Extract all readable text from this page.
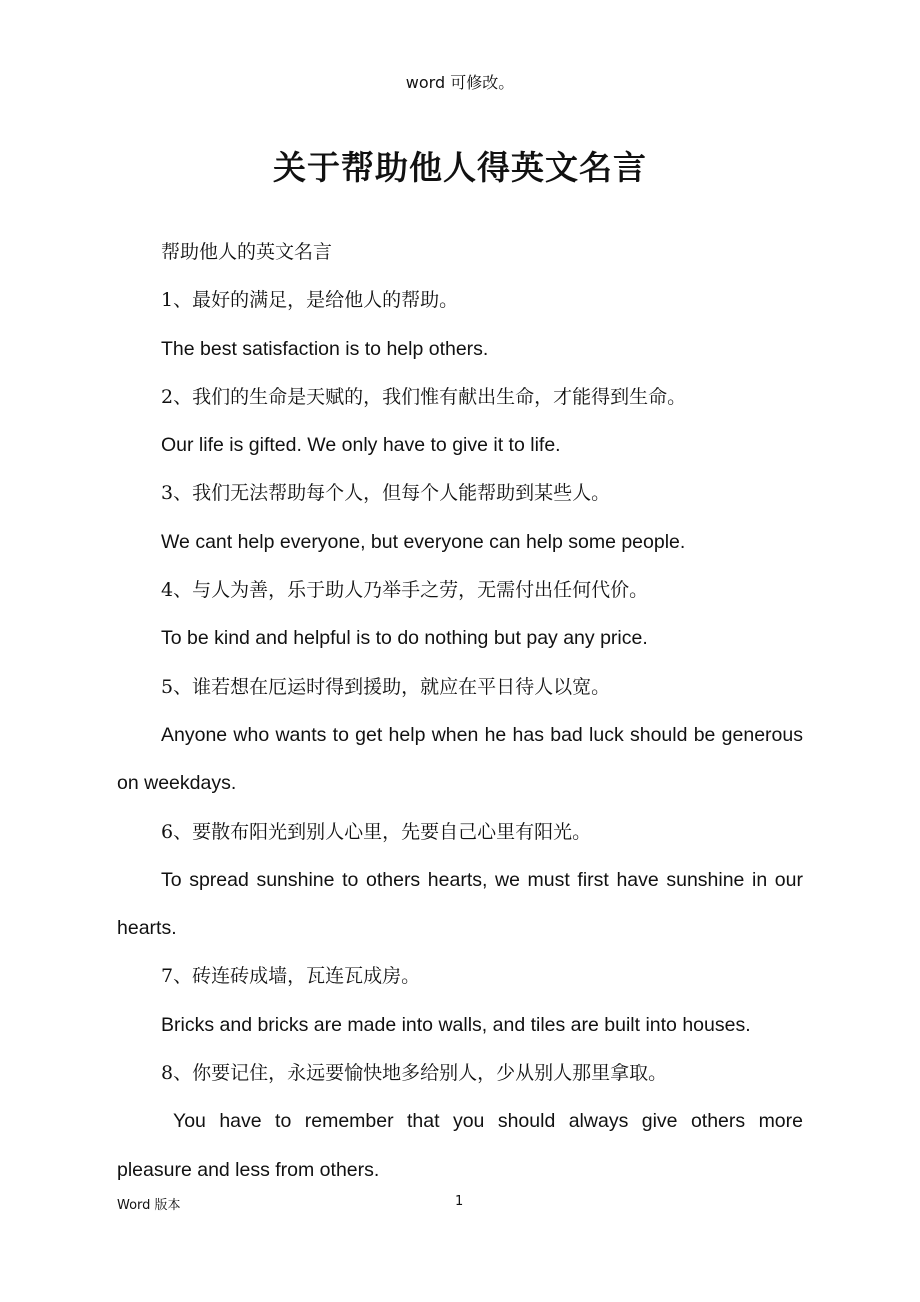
word 可修改。
关于帮助他人得英文名言

帮助他人的英文名言

1、最好的满足，是给他人的帮助。

The best satisfaction is to help others.

2、我们的生命是天赋的，我们惟有献出生命，才能得到生命。

Our life is gifted. We only have to give it to life.

3、我们无法帮助每个人，但每个人能帮助到某些人。

We cant help everyone, but everyone can help some people.

4、与人为善，乐于助人乃举手之劳，无需付出任何代价。

To be kind and helpful is to do nothing but pay any price.

5、谁若想在厄运时得到援助，就应在平日待人以宽。

Anyone who wants to get help when he has bad luck should be generous

on weekdays.

6、要散布阳光到别人心里，先要自己心里有阳光。

To spread sunshine to others hearts, we must first have sunshine in our

hearts.

7、砖连砖成墙，瓦连瓦成房。

Bricks and bricks are made into walls, and tiles are built into houses.

8、你要记住，永远要愉快地多给别人，少从别人那里拿取。

You have to remember that you should always give others more

pleasure and less from others.

Word 版本	1
